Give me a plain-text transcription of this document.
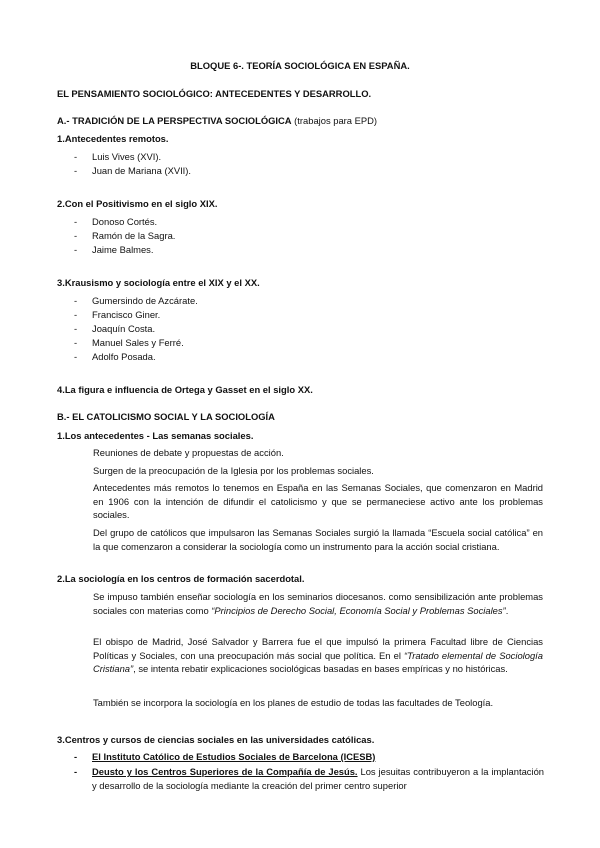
BLOQUE 6-. TEORÍA SOCIOLÓGICA EN ESPAÑA.
EL PENSAMIENTO SOCIOLÓGICO: ANTECEDENTES Y DESARROLLO.
A.- TRADICIÓN DE LA PERSPECTIVA SOCIOLÓGICA (trabajos para EPD)
1.Antecedentes remotos.
- Luis Vives (XVI).
- Juan de Mariana (XVII).
2.Con el Positivismo en el siglo XIX.
- Donoso Cortés.
- Ramón de la Sagra.
- Jaime Balmes.
3.Krausismo y sociología entre el XIX y el XX.
- Gumersindo de Azcárate.
- Francisco Giner.
- Joaquín Costa.
- Manuel Sales y Ferré.
- Adolfo Posada.
4.La figura e influencia de Ortega y Gasset en el siglo XX.
B.- EL CATOLICISMO SOCIAL Y LA SOCIOLOGÍA
1.Los antecedentes - Las semanas sociales.
Reuniones de debate y propuestas de acción.
Surgen de la preocupación de la Iglesia por los problemas sociales.
Antecedentes más remotos lo tenemos en España en las Semanas Sociales, que comenzaron en Madrid en 1906 con la intención de difundir el catolicismo y que se permaneciese activo ante los problemas sociales.
Del grupo de católicos que impulsaron las Semanas Sociales surgió la llamada “Escuela social católica” en la que comenzaron a considerar la sociología como un instrumento para la acción social cristiana.
2.La sociología en los centros de formación sacerdotal.
Se impuso también enseñar sociología en los seminarios diocesanos. como sensibilización ante problemas sociales con materias como “Principios de Derecho Social, Economía Social y Problemas Sociales”.
El obispo de Madrid, José Salvador y Barrera fue el que impulsó la primera Facultad libre de Ciencias Políticas y Sociales, con una preocupación más social que política. En el “Tratado elemental de Sociología Cristiana”, se intenta rebatir explicaciones sociológicas basadas en bases empíricas y no históricas.
También se incorpora la sociología en los planes de estudio de todas las facultades de Teología.
3.Centros y cursos de ciencias sociales en las universidades católicas.
- El Instituto Católico de Estudios Sociales de Barcelona (ICESB)
- Deusto y los Centros Superiores de la Compañía de Jesús. Los jesuitas contribuyeron a la implantación y desarrollo de la sociología mediante la creación del primer centro superior
